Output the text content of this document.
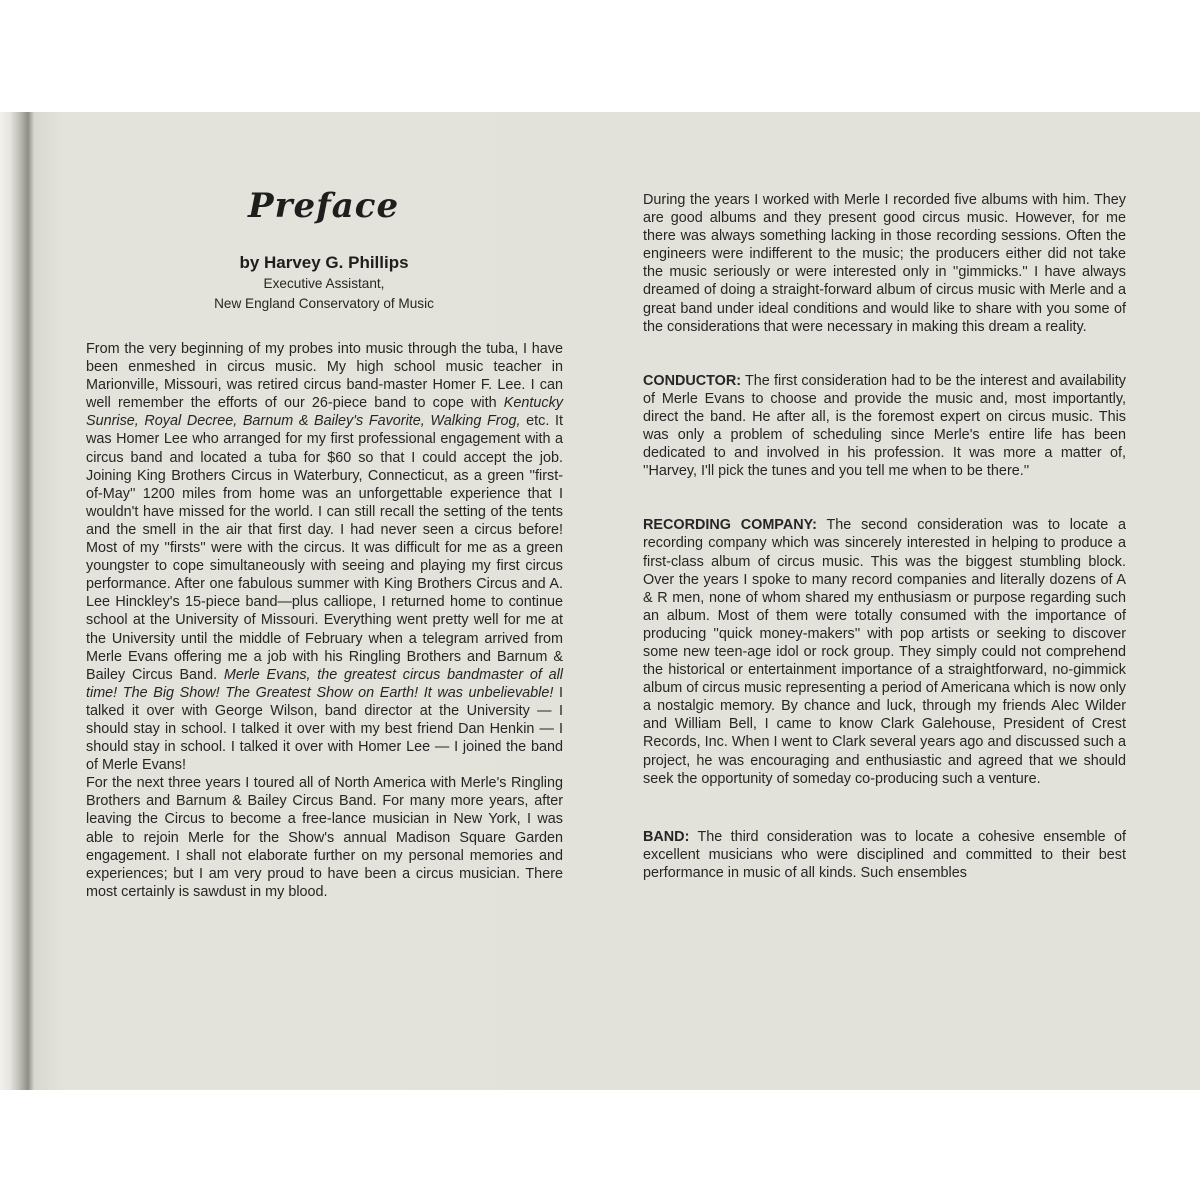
Preface
by Harvey G. Phillips
Executive Assistant,
New England Conservatory of Music

From the very beginning of my probes into music through the tuba, I have been enmeshed in circus music. My high school music teacher in Marionville, Missouri, was retired circus band-master Homer F. Lee. I can well remember the efforts of our 26-piece band to cope with Kentucky Sunrise, Royal Decree, Barnum & Bailey's Favorite, Walking Frog, etc. It was Homer Lee who arranged for my first professional engagement with a circus band and located a tuba for $60 so that I could accept the job. Joining King Brothers Circus in Waterbury, Connecticut, as a green ''first-of-May'' 1200 miles from home was an unforgettable experience that I wouldn't have missed for the world. I can still recall the setting of the tents and the smell in the air that first day. I had never seen a circus before! Most of my ''firsts'' were with the circus. It was difficult for me as a green youngster to cope simultaneously with seeing and playing my first circus performance. After one fabulous summer with King Brothers Circus and A. Lee Hinckley's 15-piece band—plus calliope, I returned home to continue school at the University of Missouri. Everything went pretty well for me at the University until the middle of February when a telegram arrived from Merle Evans offering me a job with his Ringling Brothers and Barnum & Bailey Circus Band. Merle Evans, the greatest circus bandmaster of all time! The Big Show! The Greatest Show on Earth! It was unbelievable! I talked it over with George Wilson, band director at the University — I should stay in school. I talked it over with my best friend Dan Henkin — I should stay in school. I talked it over with Homer Lee — I joined the band of Merle Evans!

For the next three years I toured all of North America with Merle's Ringling Brothers and Barnum & Bailey Circus Band. For many more years, after leaving the Circus to become a free-lance musician in New York, I was able to rejoin Merle for the Show's annual Madison Square Garden engagement. I shall not elaborate further on my personal memories and experiences; but I am very proud to have been a circus musician. There most certainly is sawdust in my blood.

During the years I worked with Merle I recorded five albums with him. They are good albums and they present good circus music. However, for me there was always something lacking in those recording sessions. Often the engineers were indifferent to the music; the producers either did not take the music seriously or were interested only in ''gimmicks.'' I have always dreamed of doing a straight-forward album of circus music with Merle and a great band under ideal conditions and would like to share with you some of the considerations that were necessary in making this dream a reality.

CONDUCTOR: The first consideration had to be the interest and availability of Merle Evans to choose and provide the music and, most importantly, direct the band. He after all, is the foremost expert on circus music. This was only a problem of scheduling since Merle's entire life has been dedicated to and involved in his profession. It was more a matter of, ''Harvey, I'll pick the tunes and you tell me when to be there.''

RECORDING COMPANY: The second consideration was to locate a recording company which was sincerely interested in helping to produce a first-class album of circus music. This was the biggest stumbling block. Over the years I spoke to many record companies and literally dozens of A & R men, none of whom shared my enthusiasm or purpose regarding such an album. Most of them were totally consumed with the importance of producing ''quick money-makers'' with pop artists or seeking to discover some new teen-age idol or rock group. They simply could not comprehend the historical or entertainment importance of a straightforward, no-gimmick album of circus music representing a period of Americana which is now only a nostalgic memory. By chance and luck, through my friends Alec Wilder and William Bell, I came to know Clark Galehouse, President of Crest Records, Inc. When I went to Clark several years ago and discussed such a project, he was encouraging and enthusiastic and agreed that we should seek the opportunity of someday co-producing such a venture.

BAND: The third consideration was to locate a cohesive ensemble of excellent musicians who were disciplined and committed to their best performance in music of all kinds. Such ensembles
